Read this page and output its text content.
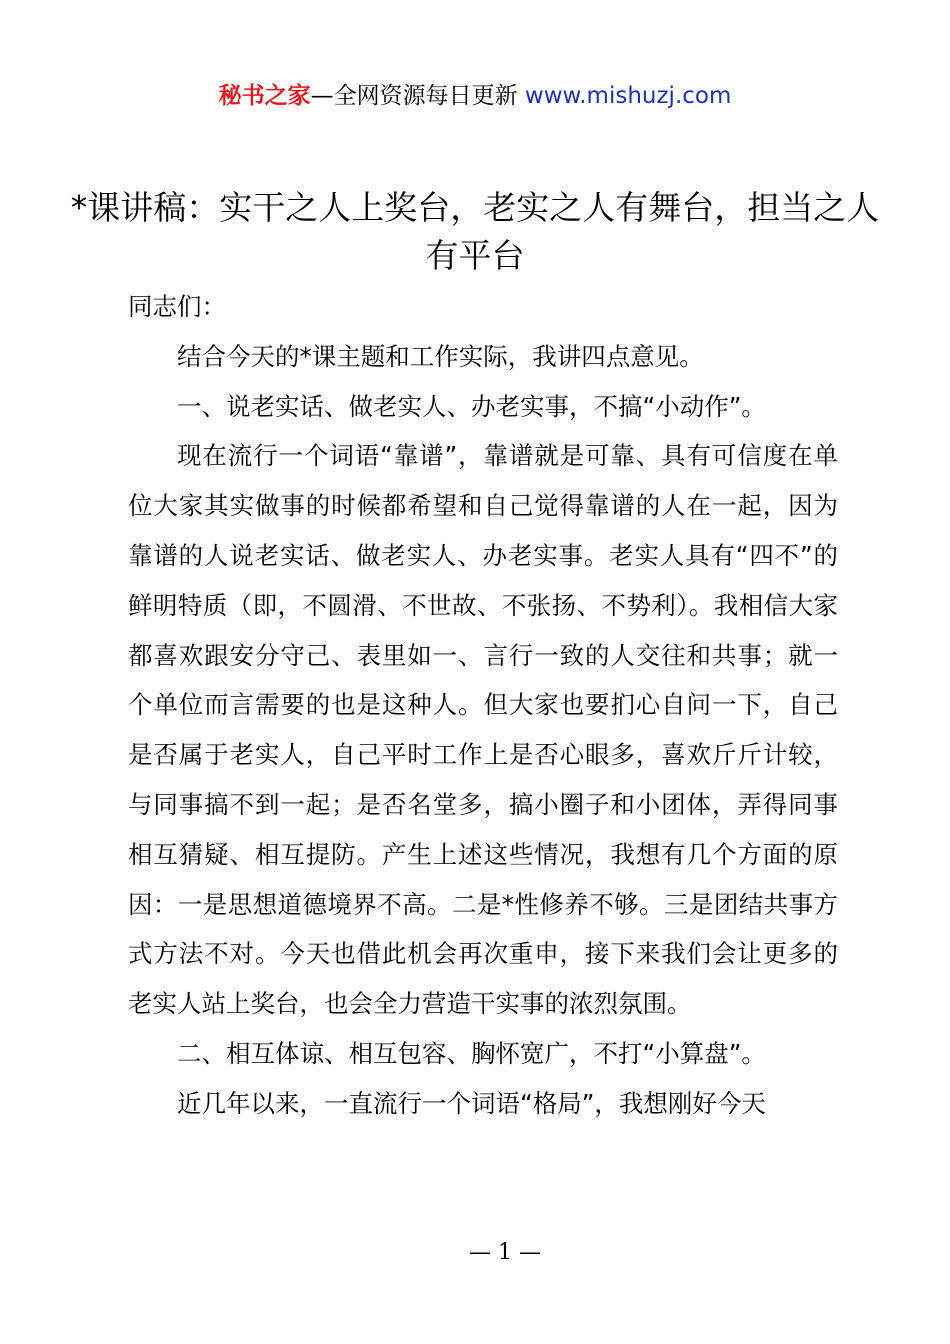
秘书之家—全网资源每日更新 www.mishuzj.com
*课讲稿：实干之人上奖台，老实之人有舞台，担当之人有平台

同志们：

结合今天的*课主题和工作实际，我讲四点意见。

一、说老实话、做老实人、办老实事，不搞“小动作”。

现在流行一个词语“靠谱”，靠谱就是可靠、具有可信度在单位大家其实做事的时候都希望和自己觉得靠谱的人在一起，因为靠谱的人说老实话、做老实人、办老实事。老实人具有“四不”的鲜明特质（即，不圆滑、不世故、不张扬、不势利）。我相信大家都喜欢跟安分守己、表里如一、言行一致的人交往和共事；就一个单位而言需要的也是这种人。但大家也要扪心自问一下，自己是否属于老实人，自己平时工作上是否心眼多，喜欢斤斤计较，与同事搞不到一起；是否名堂多，搞小圈子和小团体，弄得同事相互猜疑、相互提防。产生上述这些情况，我想有几个方面的原因：一是思想道德境界不高。二是*性修养不够。三是团结共事方式方法不对。今天也借此机会再次重申，接下来我们会让更多的老实人站上奖台，也会全力营造干实事的浓烈氛围。

二、相互体谅、相互包容、胸怀宽广，不打“小算盘”。

近几年以来，一直流行一个词语“格局”，我想刚好今天

— 1 —
